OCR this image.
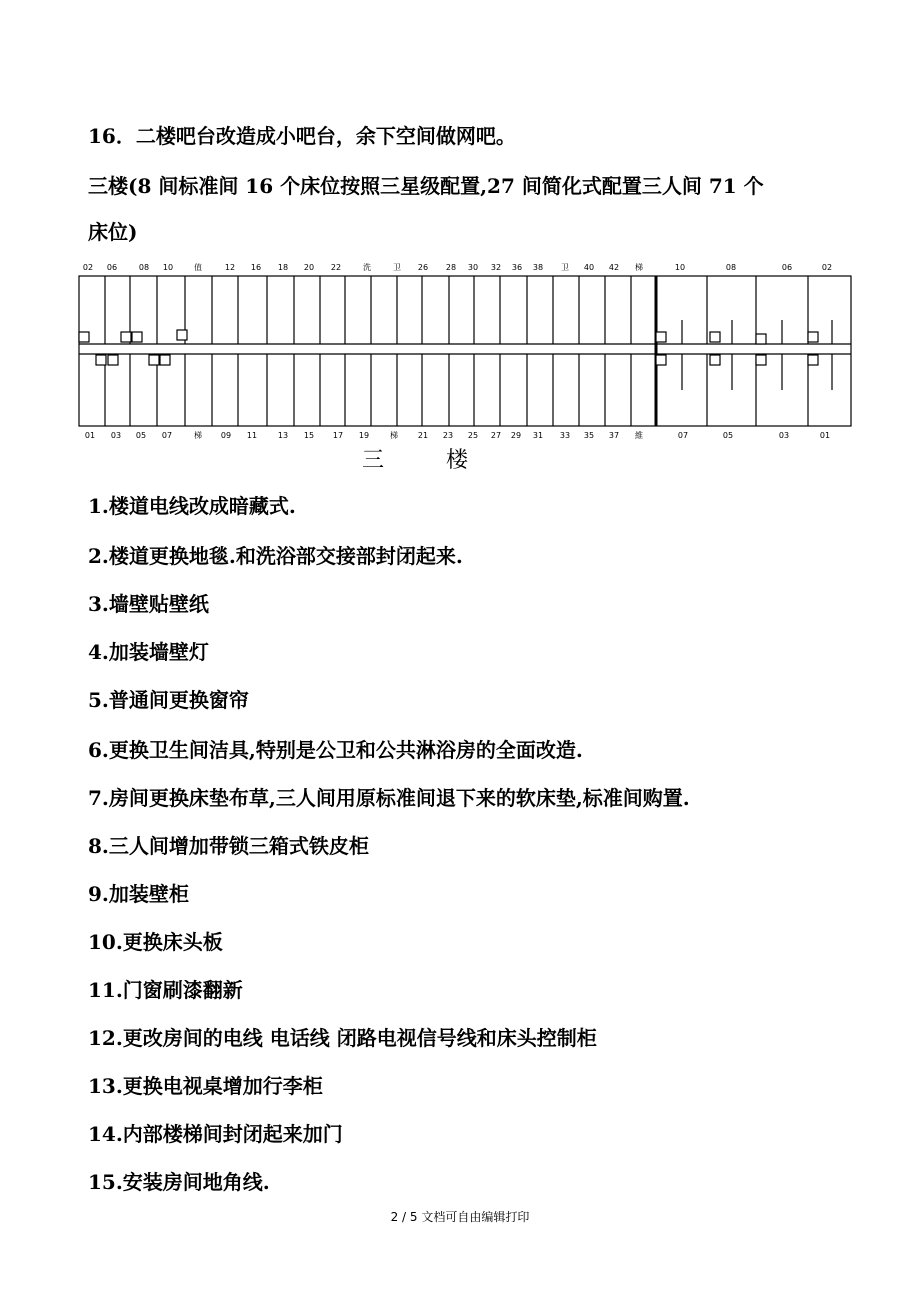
16．二楼吧台改造成小吧台，余下空间做网吧。
三楼(8 间标准间 16 个床位按照三星级配置,27 间简化式配置三人间 71 个
床位)
02 06	08 10	值	12 16 18 20 22	洗	卫 26 28 30 32 36 38 卫 40 42 梯	10	08	06	02
01 03 05 07	梯 09 11	13 15 17 19	梯 21 23 25 27 29 31 33 35 37 維	07	05	03	01
三	楼
1.楼道电线改成暗藏式.
2.楼道更换地毯.和洗浴部交接部封闭起来.
3.墙壁贴壁纸
4.加装墙壁灯
5.普通间更换窗帘
6.更换卫生间洁具,特别是公卫和公共淋浴房的全面改造.
7.房间更换床垫布草,三人间用原标准间退下来的软床垫,标准间购置.
8.三人间增加带锁三箱式铁皮柜
9.加装壁柜
10.更换床头板
11.门窗刷漆翻新
12.更改房间的电线 电话线 闭路电视信号线和床头控制柜
13.更换电视桌增加行李柜
14.内部楼梯间封闭起来加门
15.安装房间地角线.
2 / 5 文档可自由编辑打印
